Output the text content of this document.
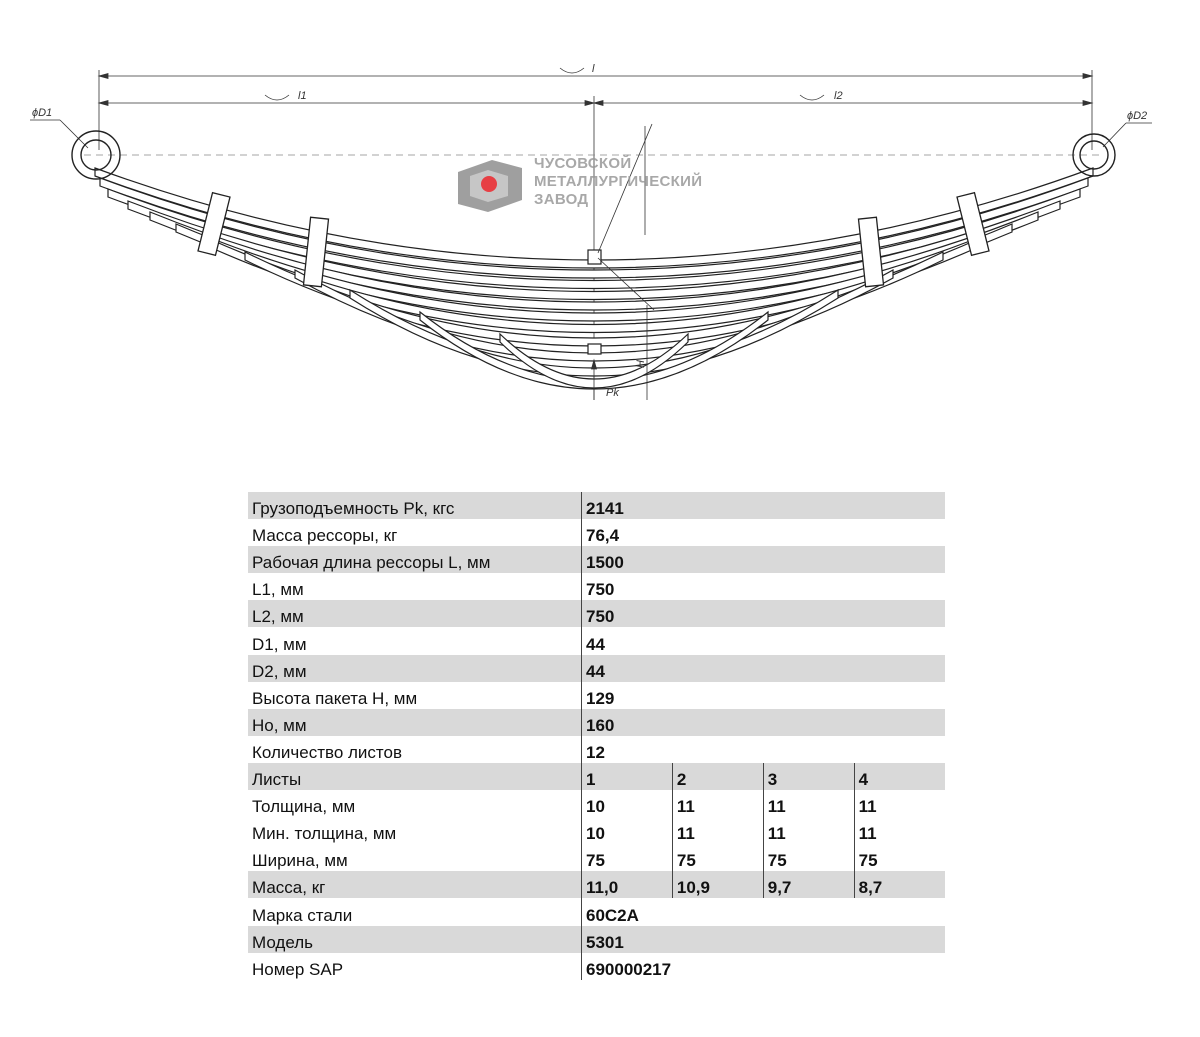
l
l1	l2
ϕD1	ϕD2
H
Pk
ЧУСОВСКОЙ
МЕТАЛЛУРГИЧЕСКИЙ
ЗАВОД
Грузоподъемность Pk, кгс	2141			
Масса рессоры, кг	76,4			
Рабочая длина рессоры L, мм	1500			
L1, мм	750			
L2, мм	750			
D1, мм	44			
D2, мм	44			
Высота пакета H, мм	129			
Ho, мм	160			
Количество листов	12			
Листы	1	2	3	4
Толщина, мм	10	11	11	11
Мин. толщина, мм	10	11	11	11
Ширина, мм	75	75	75	75
Масса, кг	11,0	10,9	9,7	8,7
Марка стали	60С2А			
Модель	5301			
Номер SAP	690000217			
